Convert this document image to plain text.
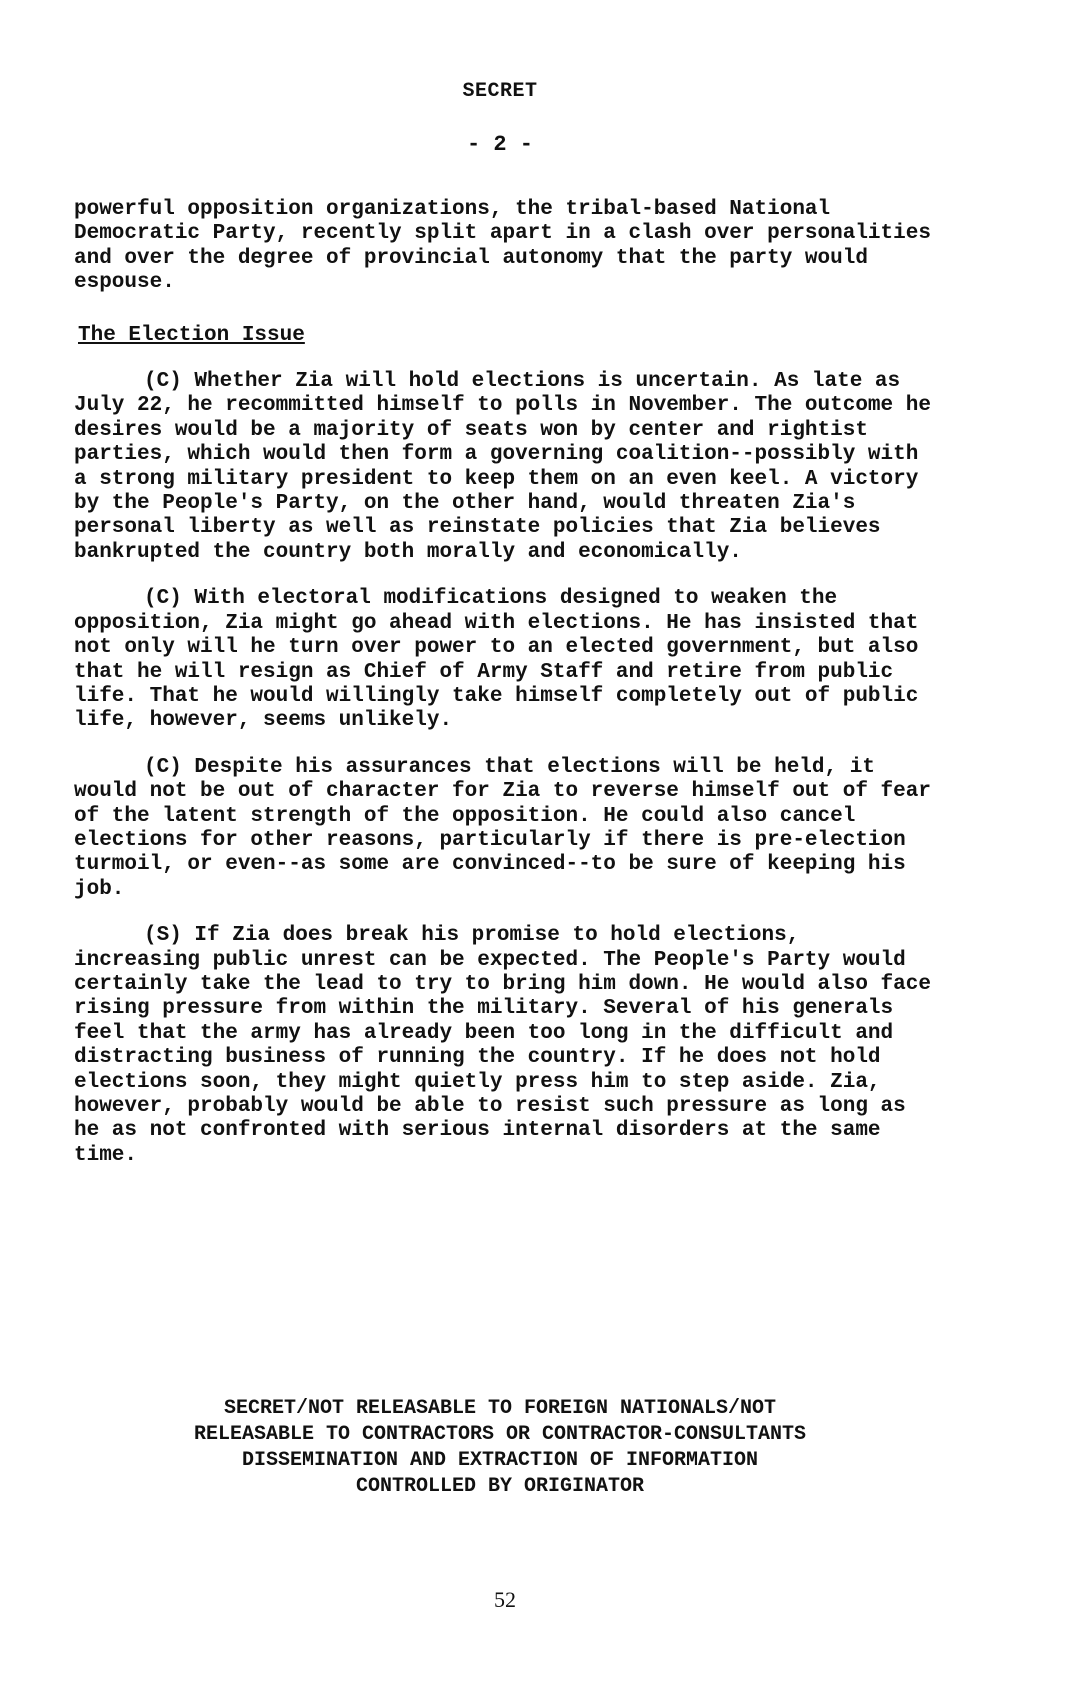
SECRET
- 2 -

powerful opposition organizations, the tribal-based National Democratic Party, recently split apart in a clash over personalities and over the degree of provincial autonomy that the party would espouse.

The Election Issue

(C) Whether Zia will hold elections is uncertain. As late as July 22, he recommitted himself to polls in November. The outcome he desires would be a majority of seats won by center and rightist parties, which would then form a governing coalition--possibly with a strong military president to keep them on an even keel. A victory by the People's Party, on the other hand, would threaten Zia's personal liberty as well as reinstate policies that Zia believes bankrupted the country both morally and economically.

(C) With electoral modifications designed to weaken the opposition, Zia might go ahead with elections. He has insisted that not only will he turn over power to an elected government, but also that he will resign as Chief of Army Staff and retire from public life. That he would willingly take himself completely out of public life, however, seems unlikely.

(C) Despite his assurances that elections will be held, it would not be out of character for Zia to reverse himself out of fear of the latent strength of the opposition. He could also cancel elections for other reasons, particularly if there is pre-election turmoil, or even--as some are convinced--to be sure of keeping his job.

(S) If Zia does break his promise to hold elections, increasing public unrest can be expected. The People's Party would certainly take the lead to try to bring him down. He would also face rising pressure from within the military. Several of his generals feel that the army has already been too long in the difficult and distracting business of running the country. If he does not hold elections soon, they might quietly press him to step aside. Zia, however, probably would be able to resist such pressure as long as he as not confronted with serious internal disorders at the same time.

SECRET/NOT RELEASABLE TO FOREIGN NATIONALS/NOT
RELEASABLE TO CONTRACTORS OR CONTRACTOR-CONSULTANTS
DISSEMINATION AND EXTRACTION OF INFORMATION
CONTROLLED BY ORIGINATOR
52
